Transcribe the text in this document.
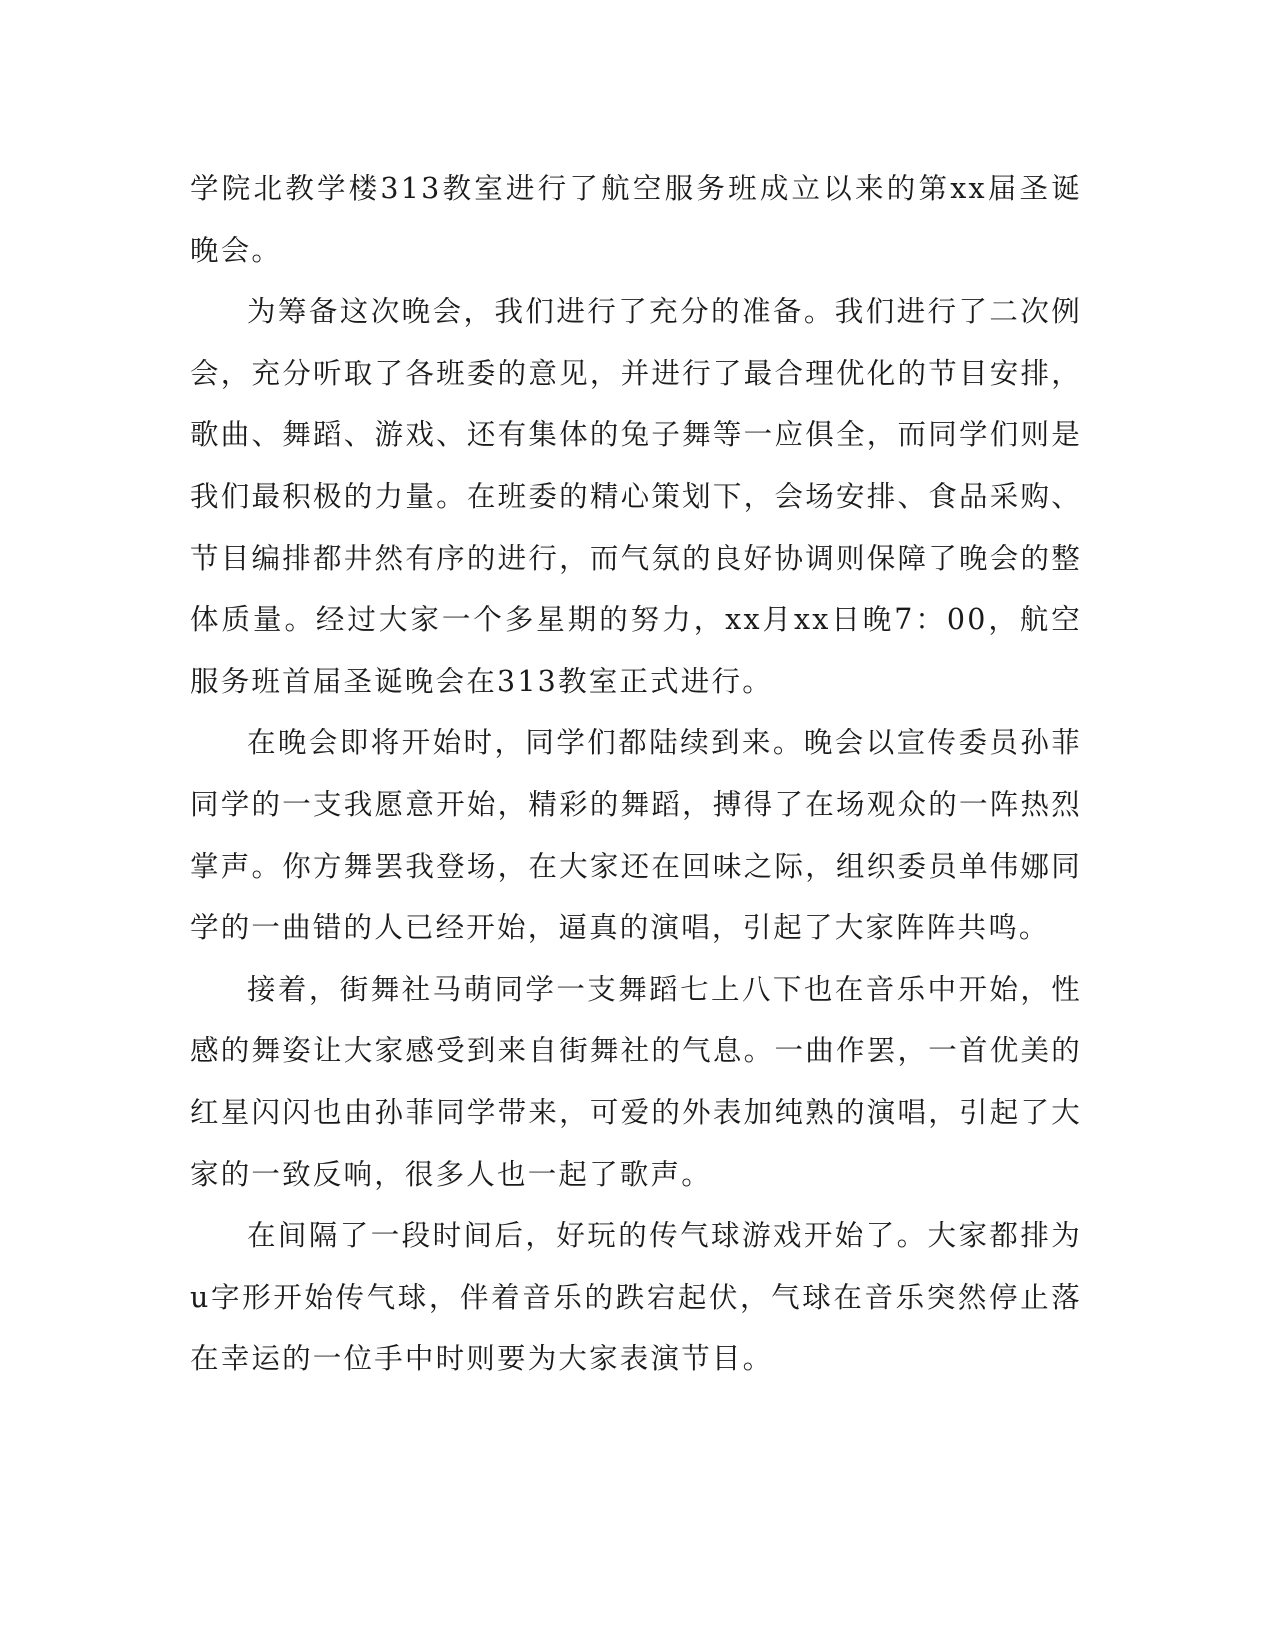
学院北教学楼313教室进行了航空服务班成立以来的第xx届圣诞晚会。

为筹备这次晚会，我们进行了充分的准备。我们进行了二次例会，充分听取了各班委的意见，并进行了最合理优化的节目安排，歌曲、舞蹈、游戏、还有集体的兔子舞等一应俱全，而同学们则是我们最积极的力量。在班委的精心策划下，会场安排、食品采购、节目编排都井然有序的进行，而气氛的良好协调则保障了晚会的整体质量。经过大家一个多星期的努力，xx月xx日晚7：00，航空服务班首届圣诞晚会在313教室正式进行。

在晚会即将开始时，同学们都陆续到来。晚会以宣传委员孙菲同学的一支我愿意开始，精彩的舞蹈，搏得了在场观众的一阵热烈掌声。你方舞罢我登场，在大家还在回味之际，组织委员单伟娜同学的一曲错的人已经开始，逼真的演唱，引起了大家阵阵共鸣。

接着，街舞社马萌同学一支舞蹈七上八下也在音乐中开始，性感的舞姿让大家感受到来自街舞社的气息。一曲作罢，一首优美的红星闪闪也由孙菲同学带来，可爱的外表加纯熟的演唱，引起了大家的一致反响，很多人也一起了歌声。

在间隔了一段时间后，好玩的传气球游戏开始了。大家都排为u字形开始传气球，伴着音乐的跌宕起伏，气球在音乐突然停止落在幸运的一位手中时则要为大家表演节目。
